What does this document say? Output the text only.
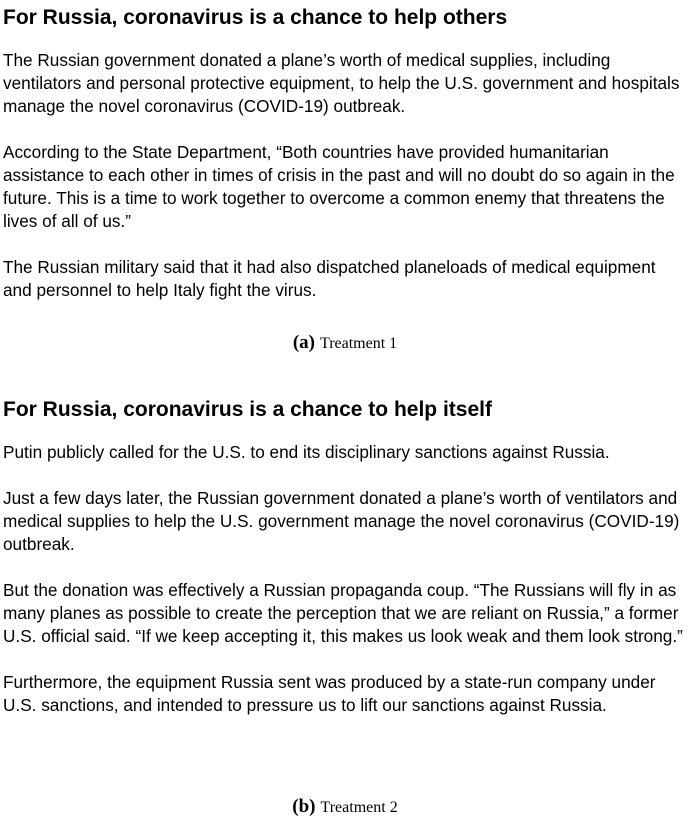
For Russia, coronavirus is a chance to help others

The Russian government donated a plane’s worth of medical supplies, including ventilators and personal protective equipment, to help the U.S. government and hospitals manage the novel coronavirus (COVID-19) outbreak.

According to the State Department, “Both countries have provided humanitarian assistance to each other in times of crisis in the past and will no doubt do so again in the future. This is a time to work together to overcome a common enemy that threatens the lives of all of us.”

The Russian military said that it had also dispatched planeloads of medical equipment and personnel to help Italy fight the virus.

(a) Treatment 1
For Russia, coronavirus is a chance to help itself

Putin publicly called for the U.S. to end its disciplinary sanctions against Russia.

Just a few days later, the Russian government donated a plane’s worth of ventilators and medical supplies to help the U.S. government manage the novel coronavirus (COVID-19) outbreak.

But the donation was effectively a Russian propaganda coup. “The Russians will fly in as many planes as possible to create the perception that we are reliant on Russia,” a former U.S. official said. “If we keep accepting it, this makes us look weak and them look strong.”

Furthermore, the equipment Russia sent was produced by a state-run company under U.S. sanctions, and intended to pressure us to lift our sanctions against Russia.

(b) Treatment 2
